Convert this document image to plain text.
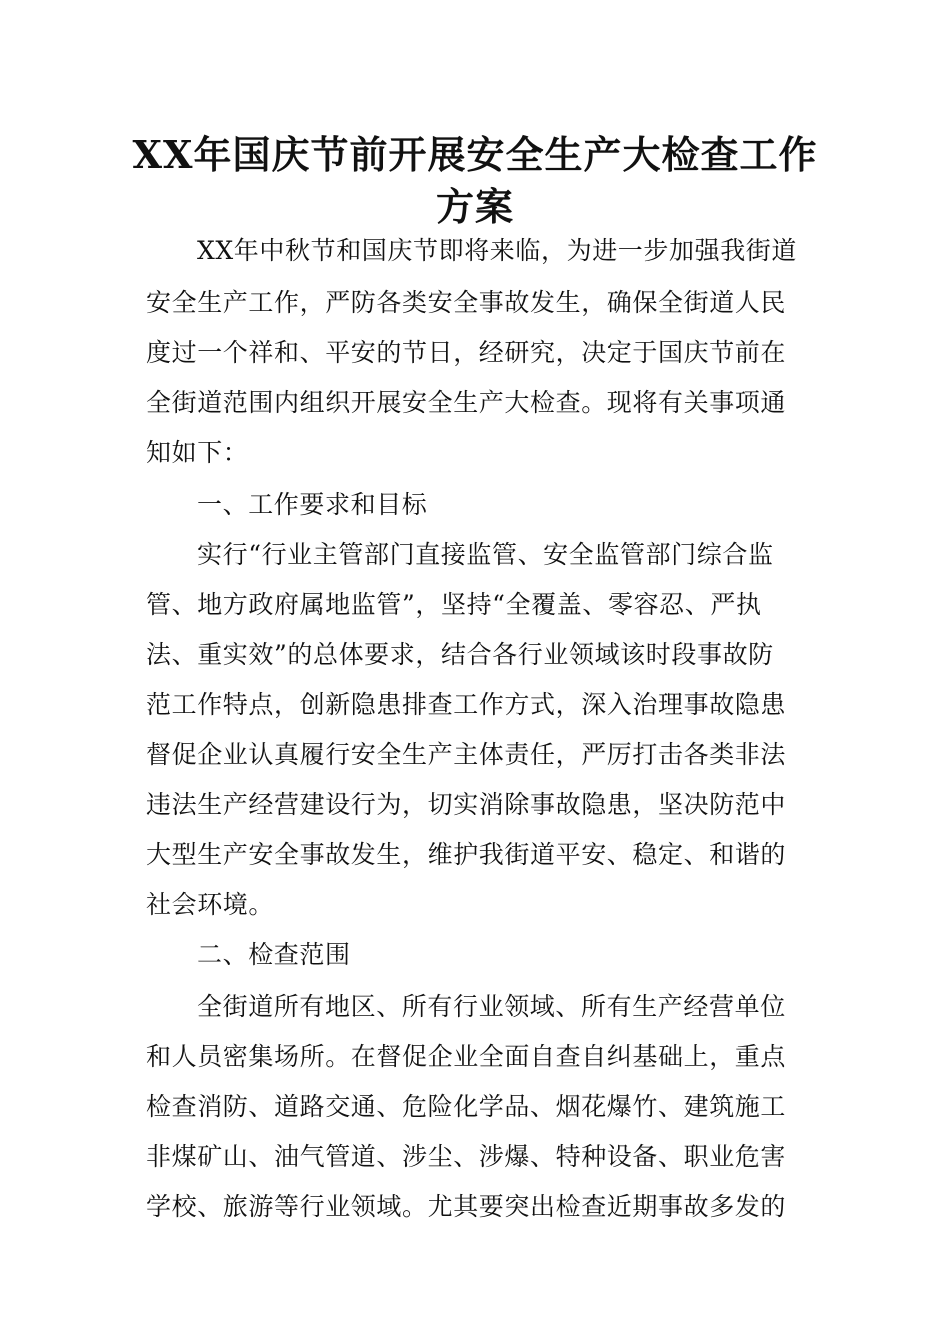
XX年国庆节前开展安全生产大检查工作
方案

XX年中秋节和国庆节即将来临，为进一步加强我街道

安全生产工作，严防各类安全事故发生，确保全街道人民

度过一个祥和、平安的节日，经研究，决定于国庆节前在

全街道范围内组织开展安全生产大检查。现将有关事项通

知如下：

一、工作要求和目标

实行“行业主管部门直接监管、安全监管部门综合监

管、地方政府属地监管”，坚持“全覆盖、零容忍、严执

法、重实效”的总体要求，结合各行业领域该时段事故防

范工作特点，创新隐患排查工作方式，深入治理事故隐患

督促企业认真履行安全生产主体责任，严厉打击各类非法

违法生产经营建设行为，切实消除事故隐患，坚决防范中

大型生产安全事故发生，维护我街道平安、稳定、和谐的

社会环境。

二、检查范围

全街道所有地区、所有行业领域、所有生产经营单位

和人员密集场所。在督促企业全面自查自纠基础上，重点

检查消防、道路交通、危险化学品、烟花爆竹、建筑施工

非煤矿山、油气管道、涉尘、涉爆、特种设备、职业危害

学校、旅游等行业领域。尤其要突出检查近期事故多发的
